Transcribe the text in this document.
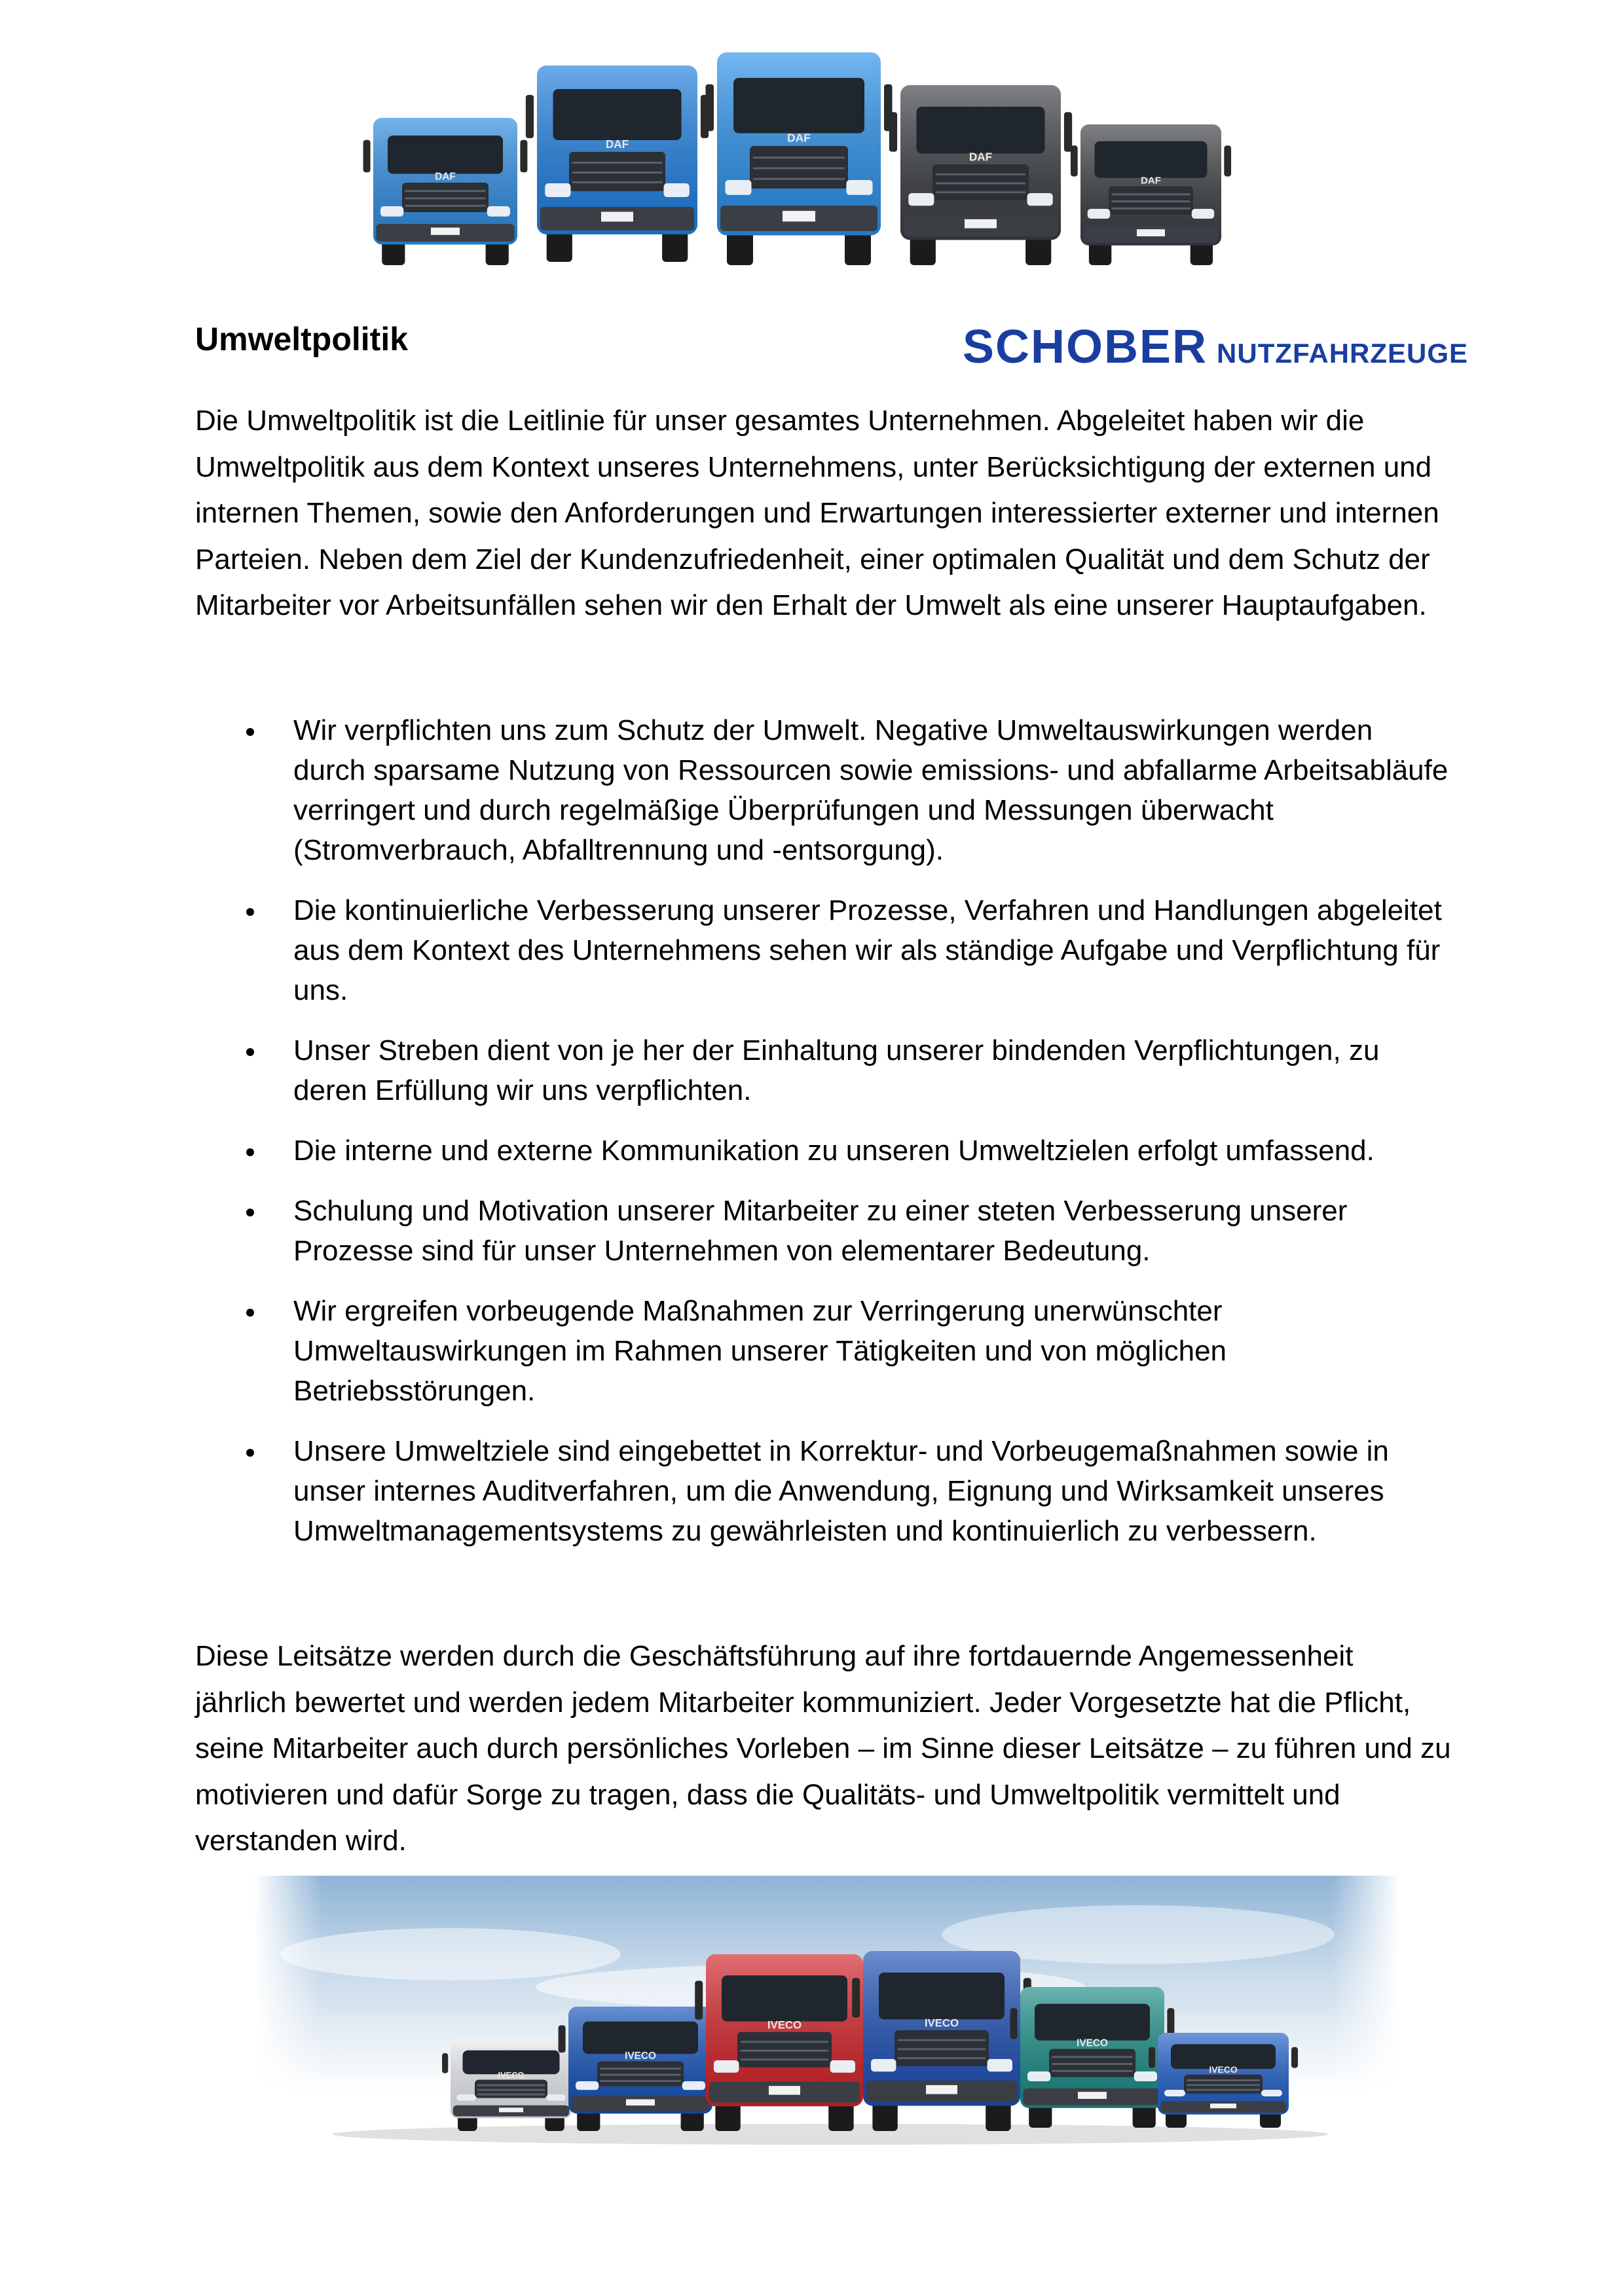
DAF
DAF	DAF
DAF
DAF
Umweltpolitik	SCHOBER NUTZFAHRZEUGE

Die Umweltpolitik ist die Leitlinie für unser gesamtes Unternehmen. Abgeleitet haben wir die Umweltpolitik aus dem Kontext unseres Unternehmens, unter Berücksichtigung der externen und internen Themen, sowie den Anforderungen und Erwartungen interessierter externer und internen Parteien. Neben dem Ziel der Kundenzufriedenheit, einer optimalen Qualität und dem Schutz der Mitarbeiter vor Arbeitsunfällen sehen wir den Erhalt der Umwelt als eine unserer Hauptaufgaben.

Wir verpflichten uns zum Schutz der Umwelt. Negative Umweltauswirkungen werden durch sparsame Nutzung von Ressourcen sowie emissions- und abfallarme Arbeitsabläufe verringert und durch regelmäßige Überprüfungen und Messungen überwacht (Stromverbrauch, Abfalltrennung und -entsorgung).
Die kontinuierliche Verbesserung unserer Prozesse, Verfahren und Handlungen abgeleitet aus dem Kontext des Unternehmens sehen wir als ständige Aufgabe und Verpflichtung für uns.
Unser Streben dient von je her der Einhaltung unserer bindenden Verpflichtungen, zu deren Erfüllung wir uns verpflichten.
Die interne und externe Kommunikation zu unseren Umweltzielen erfolgt umfassend.
Schulung und Motivation unserer Mitarbeiter zu einer steten Verbesserung unserer Prozesse sind für unser Unternehmen von elementarer Bedeutung.
Wir ergreifen vorbeugende Maßnahmen zur Verringerung unerwünschter Umweltauswirkungen im Rahmen unserer Tätigkeiten und von möglichen Betriebsstörungen.
Unsere Umweltziele sind eingebettet in Korrektur- und Vorbeugemaßnahmen sowie in unser internes Auditverfahren, um die Anwendung, Eignung und Wirksamkeit unseres Umweltmanagementsystems zu gewährleisten und kontinuierlich zu verbessern.

Diese Leitsätze werden durch die Geschäftsführung auf ihre fortdauernde Angemessenheit jährlich bewertet und werden jedem Mitarbeiter kommuniziert. Jeder Vorgesetzte hat die Pflicht, seine Mitarbeiter auch durch persönliches Vorleben – im Sinne dieser Leitsätze – zu führen und zu motivieren und dafür Sorge zu tragen, dass die Qualitäts- und Umweltpolitik vermittelt und verstanden wird.

IVECO
IVECO
IVECO	IVECO
IVECO
IVECO
